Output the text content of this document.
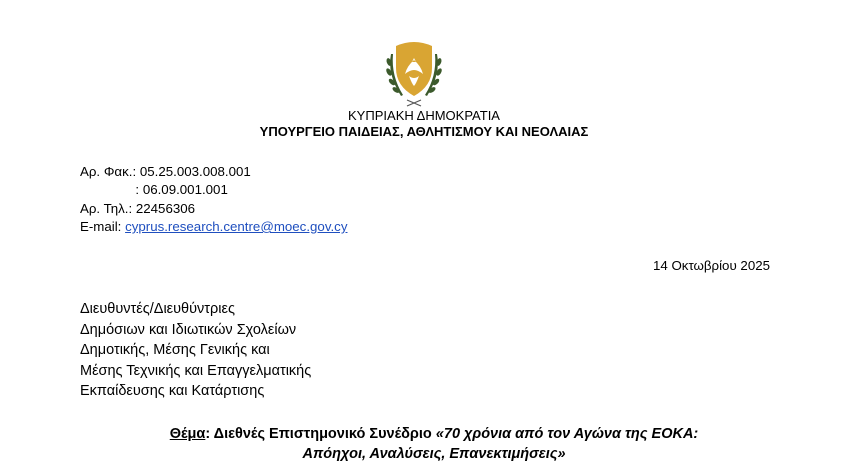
ΚΥΠΡΙΑΚΗ ΔΗΜΟΚΡΑΤΙΑ
ΥΠΟΥΡΓΕΙΟ ΠΑΙΔΕΙΑΣ, ΑΘΛΗΤΙΣΜΟΥ ΚΑΙ ΝΕΟΛΑΙΑΣ
Αρ. Φακ.: 05.25.003.008.001
: 06.09.001.001
Αρ. Τηλ.: 22456306
E-mail: cyprus.research.centre@moec.gov.cy
14 Οκτωβρίου 2025
Διευθυντές/Διευθύντριες
Δημόσιων και Ιδιωτικών Σχολείων
Δημοτικής, Μέσης Γενικής και
Μέσης Τεχνικής και Επαγγελματικής
Εκπαίδευσης και Κατάρτισης
Θέμα: Διεθνές Επιστημονικό Συνέδριο «70 χρόνια από τον Αγώνα της ΕΟΚΑ:
Απόηχοι, Αναλύσεις, Επανεκτιμήσεις»
